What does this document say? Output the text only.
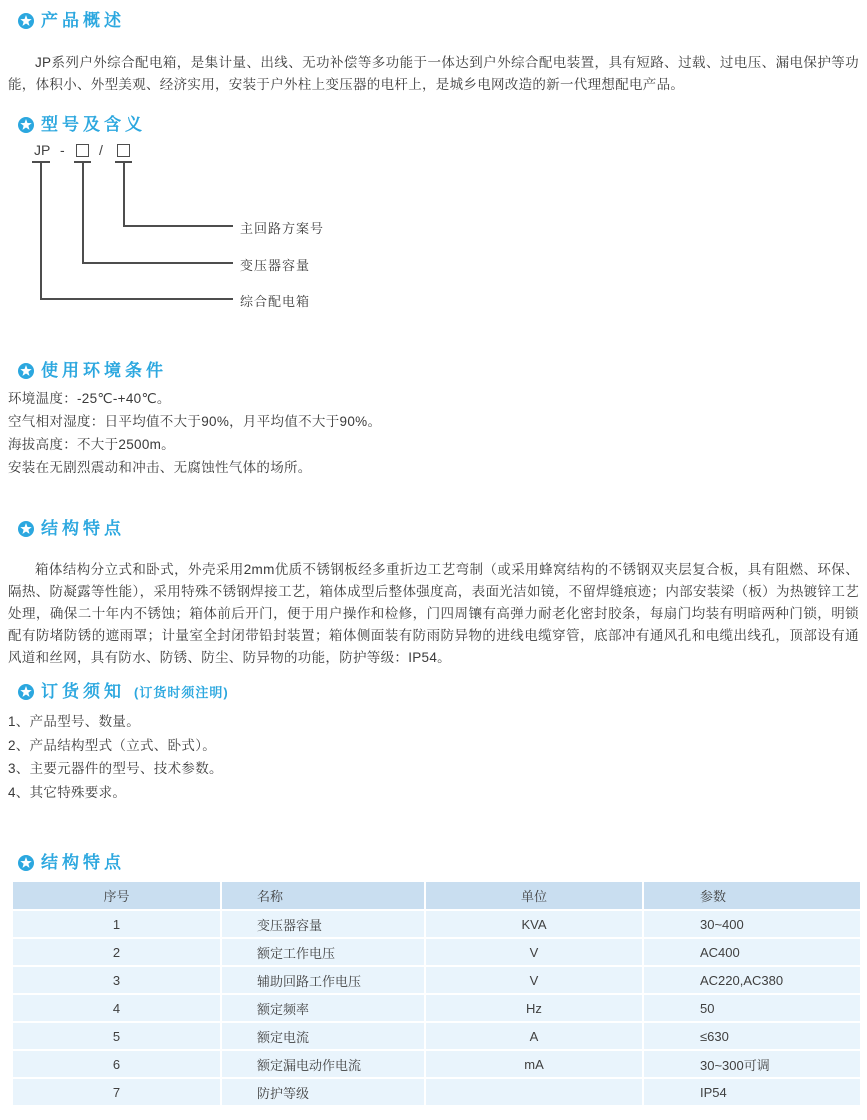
产品概述

JP系列户外综合配电箱，是集计量、出线、无功补偿等多功能于一体达到户外综合配电装置，具有短路、过载、过电压、漏电保护等功能，体积小、外型美观、经济实用，安装于户外柱上变压器的电杆上，是城乡电网改造的新一代理想配电产品。

型号及含义
JP - /
主回路方案号
变压器容量
综合配电箱
使用环境条件
环境温度：-25℃-+40℃。
空气相对湿度：日平均值不大于90%，月平均值不大于90%。
海拔高度：不大于2500m。
安装在无剧烈震动和冲击、无腐蚀性气体的场所。
结构特点

箱体结构分立式和卧式，外壳采用2mm优质不锈钢板经多重折边工艺弯制（或采用蜂窝结构的不锈钢双夹层复合板，具有阻燃、环保、隔热、防凝露等性能），采用特殊不锈钢焊接工艺，箱体成型后整体强度高，表面光洁如镜，不留焊缝痕迹；内部安装梁（板）为热镀锌工艺处理，确保二十年内不锈蚀；箱体前后开门，便于用户操作和检修，门四周镶有高弹力耐老化密封胶条，每扇门均装有明暗两种门锁，明锁配有防堵防锈的遮雨罩；计量室全封闭带铅封装置；箱体侧面装有防雨防异物的进线电缆穿管，底部冲有通风孔和电缆出线孔，顶部设有通风道和丝网，具有防水、防锈、防尘、防异物的功能，防护等级：IP54。

订货须知 (订货时须注明)
1、产品型号、数量。
2、产品结构型式（立式、卧式）。
3、主要元器件的型号、技术参数。
4、其它特殊要求。
结构特点
序号	名称	单位	参数
1	变压器容量	KVA	30~400
2	额定工作电压	V	AC400
3	辅助回路工作电压	V	AC220,AC380
4	额定频率	Hz	50
5	额定电流	A	≤630
6	额定漏电动作电流	mA	30~300可调
7	防护等级		IP54
